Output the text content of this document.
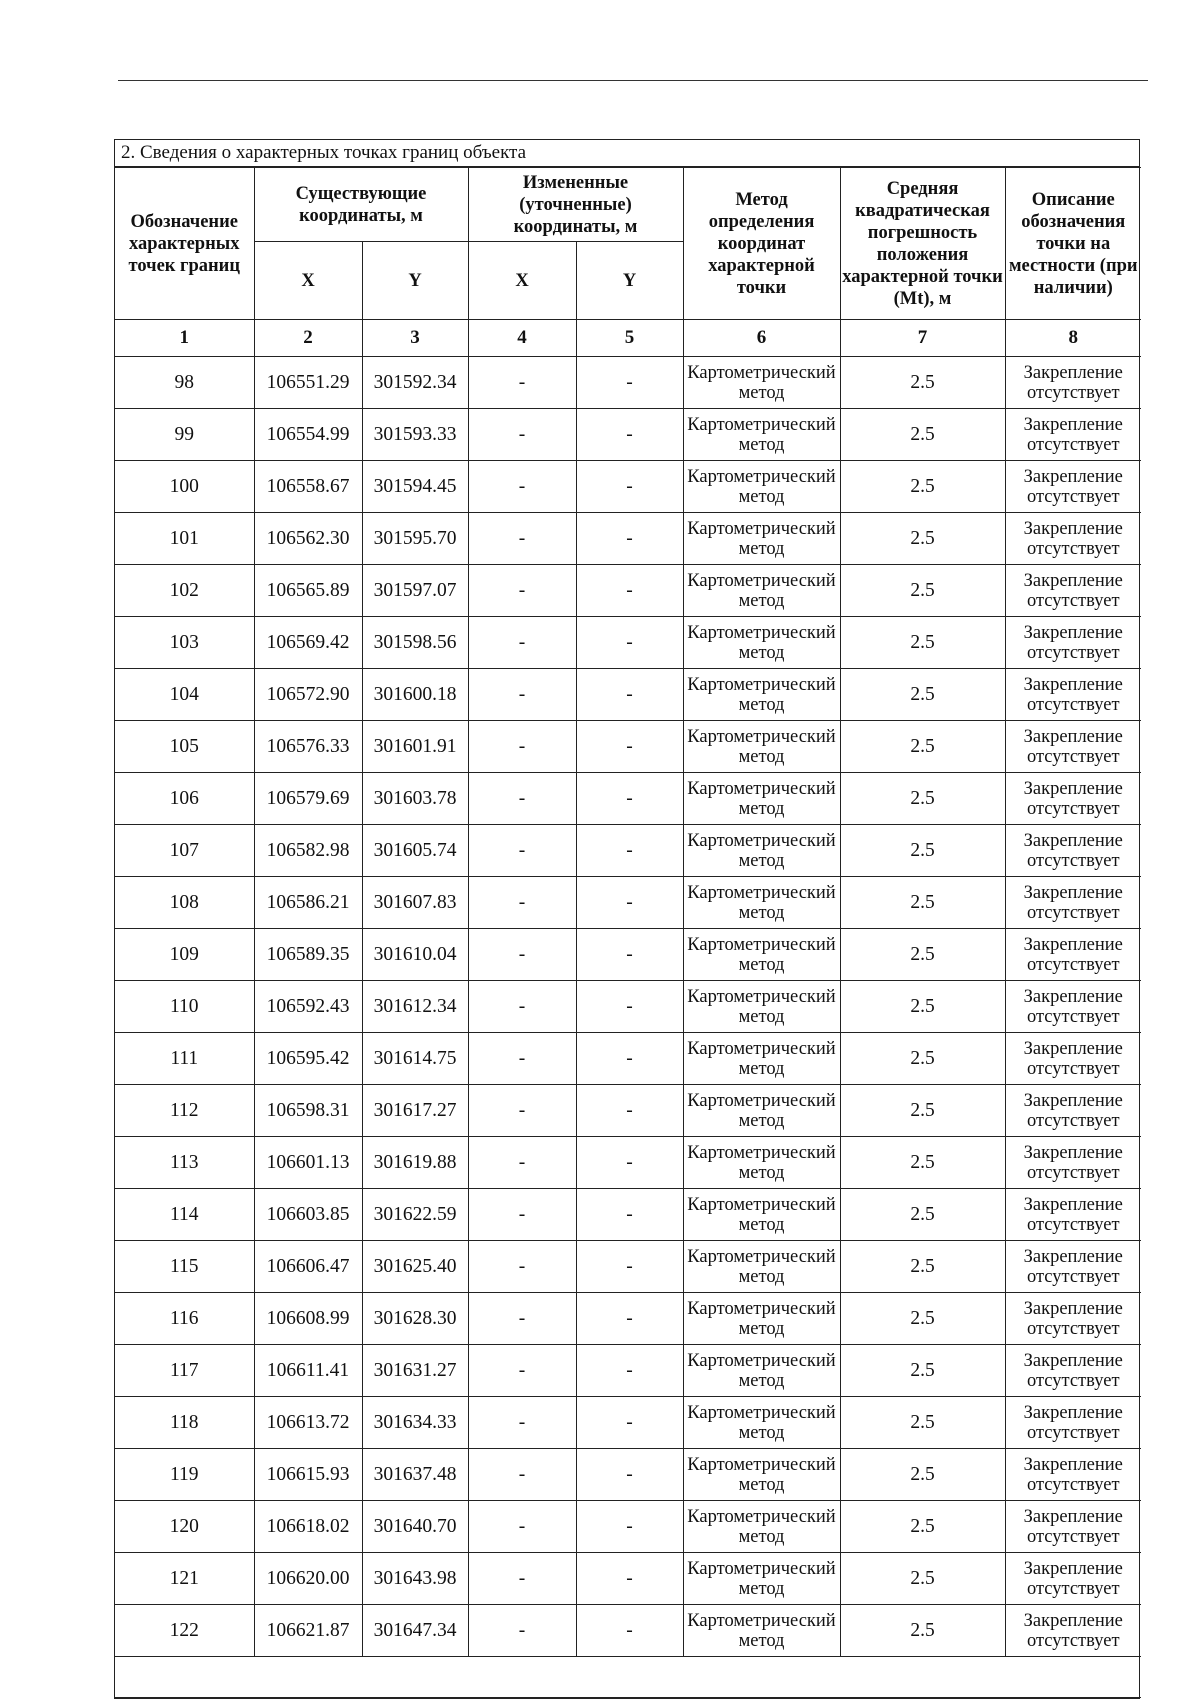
2. Сведения о характерных точках границ объекта
Обозначение характерных точек границ	Существующие координаты, м		Измененные (уточненные) координаты, м		Метод определения координат характерной точки	Средняя квадратическая погрешность положения характерной точки (Mt), м	Описание обозначения точки на местности (при наличии)
	X	Y	X	Y			
1	2	3	4	5	6	7	8
98	106551.29	301592.34	-	-	Картометрический метод	2.5	Закрепление отсутствует
99	106554.99	301593.33	-	-	Картометрический метод	2.5	Закрепление отсутствует
100	106558.67	301594.45	-	-	Картометрический метод	2.5	Закрепление отсутствует
101	106562.30	301595.70	-	-	Картометрический метод	2.5	Закрепление отсутствует
102	106565.89	301597.07	-	-	Картометрический метод	2.5	Закрепление отсутствует
103	106569.42	301598.56	-	-	Картометрический метод	2.5	Закрепление отсутствует
104	106572.90	301600.18	-	-	Картометрический метод	2.5	Закрепление отсутствует
105	106576.33	301601.91	-	-	Картометрический метод	2.5	Закрепление отсутствует
106	106579.69	301603.78	-	-	Картометрический метод	2.5	Закрепление отсутствует
107	106582.98	301605.74	-	-	Картометрический метод	2.5	Закрепление отсутствует
108	106586.21	301607.83	-	-	Картометрический метод	2.5	Закрепление отсутствует
109	106589.35	301610.04	-	-	Картометрический метод	2.5	Закрепление отсутствует
110	106592.43	301612.34	-	-	Картометрический метод	2.5	Закрепление отсутствует
111	106595.42	301614.75	-	-	Картометрический метод	2.5	Закрепление отсутствует
112	106598.31	301617.27	-	-	Картометрический метод	2.5	Закрепление отсутствует
113	106601.13	301619.88	-	-	Картометрический метод	2.5	Закрепление отсутствует
114	106603.85	301622.59	-	-	Картометрический метод	2.5	Закрепление отсутствует
115	106606.47	301625.40	-	-	Картометрический метод	2.5	Закрепление отсутствует
116	106608.99	301628.30	-	-	Картометрический метод	2.5	Закрепление отсутствует
117	106611.41	301631.27	-	-	Картометрический метод	2.5	Закрепление отсутствует
118	106613.72	301634.33	-	-	Картометрический метод	2.5	Закрепление отсутствует
119	106615.93	301637.48	-	-	Картометрический метод	2.5	Закрепление отсутствует
120	106618.02	301640.70	-	-	Картометрический метод	2.5	Закрепление отсутствует
121	106620.00	301643.98	-	-	Картометрический метод	2.5	Закрепление отсутствует
122	106621.87	301647.34	-	-	Картометрический метод	2.5	Закрепление отсутствует
